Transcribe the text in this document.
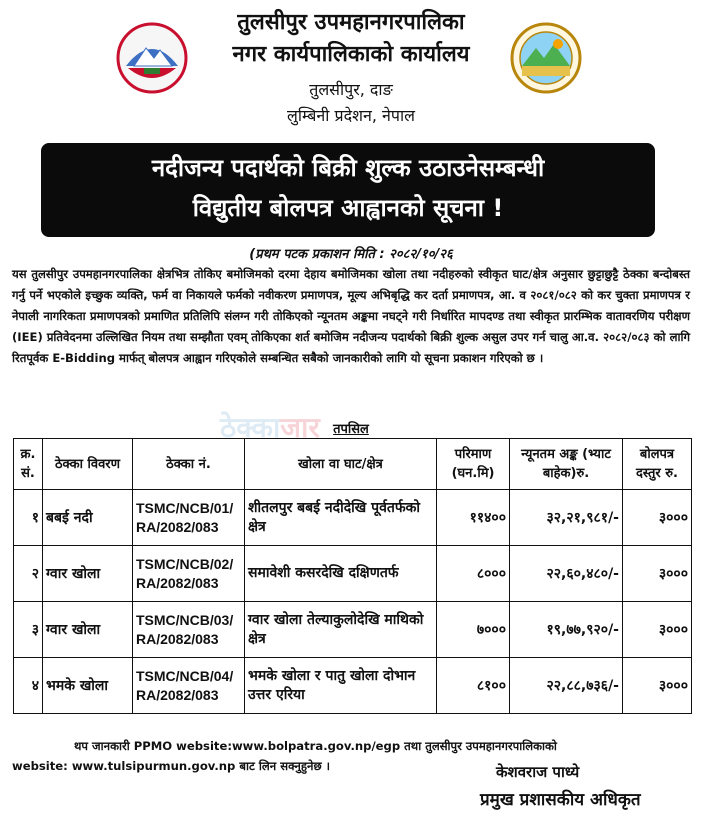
तुलसीपुर उपमहानगरपालिका
नगर कार्यपालिकाको कार्यालय
तुलसीपुर, दाङ
लुम्बिनी प्रदेशन, नेपाल
नदीजन्य पदार्थको बिक्री शुल्क उठाउनेसम्बन्धी
विद्युतीय बोलपत्र आह्वानको सूचना !
(प्रथम पटक प्रकाशन मिति : २०८२/१०/२६
यस तुलसीपुर उपमहानगरपालिका क्षेत्रभित्र तोकिए बमोजिमको दरमा देहाय बमोजिमका खोला तथा नदीहरुको स्वीकृत घाट/क्षेत्र अनुसार छुट्टाछुट्टै ठेक्का बन्दोबस्त गर्नु पर्ने भएकोले इच्छुक व्यक्ति, फर्म वा निकायले फर्मको नवीकरण प्रमाणपत्र, मूल्य अभिबृद्धि कर दर्ता प्रमाणपत्र, आ. व २०८१/०८२ को कर चुक्ता प्रमाणपत्र र नेपाली नागरिकता प्रमाणपत्रको प्रमाणित प्रतिलिपि संलग्न गरी तोकिएको न्यूनतम अङ्कमा नघट्ने गरी निर्धारित मापदण्ड तथा स्वीकृत प्रारम्भिक वातावरणिय परीक्षण (IEE) प्रतिवेदनमा उल्लिखित नियम तथा सम्झौता एवम् तोकिएका शर्त बमोजिम नदीजन्य पदार्थको बिक्री शुल्क असुल उपर गर्न चालु आ.व. २०८२/०८३ को लागि रितपूर्वक E-Bidding मार्फत् बोलपत्र आह्वान गरिएकोले सम्बन्धित सबैको जानकारीको लागि यो सूचना प्रकाशन गरिएको छ ।
ठेक्काजार	तपसिल
क्र. सं.	ठेक्का विवरण	ठेक्का नं.	खोला वा घाट/क्षेत्र	परिमाण (घन.मि)	न्यूनतम अङ्क (भ्याट बाहेक)रु.	बोलपत्र दस्तुर रु.
१	बबई नदी	TSMC/NCB/01/ RA/2082/083	शीतलपुर बबई नदीदेखि पूर्वतर्फको क्षेत्र	११४००	३२,२१,९८१/-	३०००
२	ग्वार खोला	TSMC/NCB/02/ RA/2082/083	समावेशी कसरदेखि दक्षिणतर्फ	८०००	२२,६०,४८०/-	३०००
३	ग्वार खोला	TSMC/NCB/03/ RA/2082/083	ग्वार खोला तेल्याकुलोदेखि माथिको क्षेत्र	७०००	१९,७७,९२०/-	३०००
४	भमके खोला	TSMC/NCB/04/ RA/2082/083	भमके खोला र पातु खोला दोभान उत्तर एरिया	८१००	२२,८८,७३६/-	३०००
थप जानकारी PPMO website:www.bolpatra.gov.np/egp तथा तुलसीपुर उपमहानगरपालिकाको
website: www.tulsipurmun.gov.np बाट लिन सक्नुहुनेछ ।	केशवराज पाध्ये
प्रमुख प्रशासकीय अधिकृत
